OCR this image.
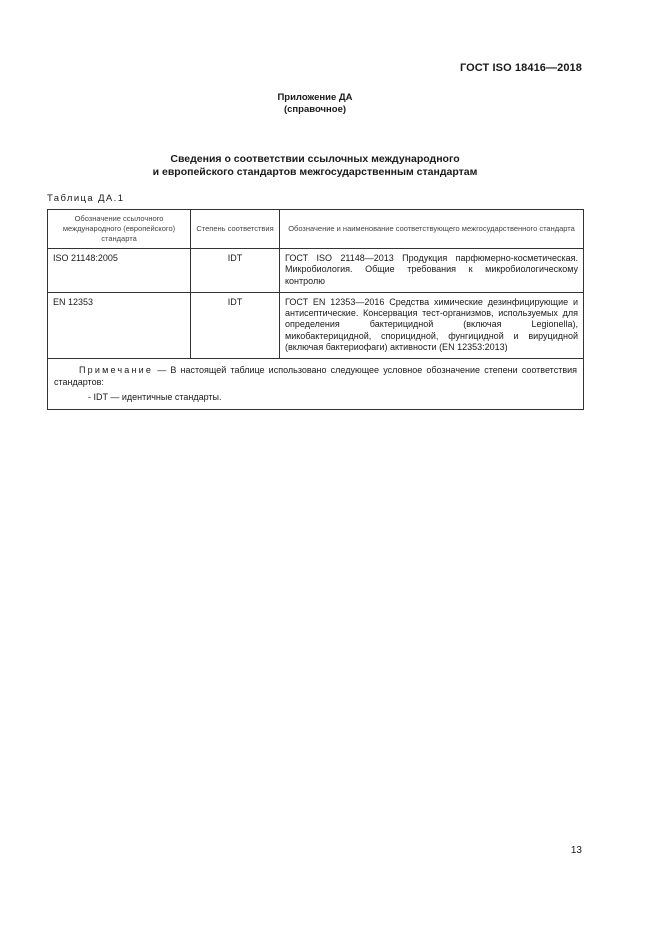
ГОСТ ISO 18416—2018
Приложение ДА
(справочное)
Сведения о соответствии ссылочных международного
и европейского стандартов межгосударственным стандартам
Таблица ДА.1
Обозначение ссылочного международного (европейского) стандарта	Степень соответствия	Обозначение и наименование соответствующего межгосударственного стандарта
ISO 21148:2005	IDT	ГОСТ ISO 21148—2013 Продукция парфюмерно-косметическая. Микробиология. Общие требования к микробиологическому контролю
EN 12353	IDT	ГОСТ EN 12353—2016 Средства химические дезинфицирующие и антисептические. Консервация тест-организмов, используемых для определения бактерицидной (включая Legionella), микобактерицидной, спорицидной, фунгицидной и вируцидной (включая бактериофаги) активности (EN 12353:2013)

Примечание — В настоящей таблице использовано следующее условное обозначение степени соответствия стандартов:
- IDT — идентичные стандарты.		
13
